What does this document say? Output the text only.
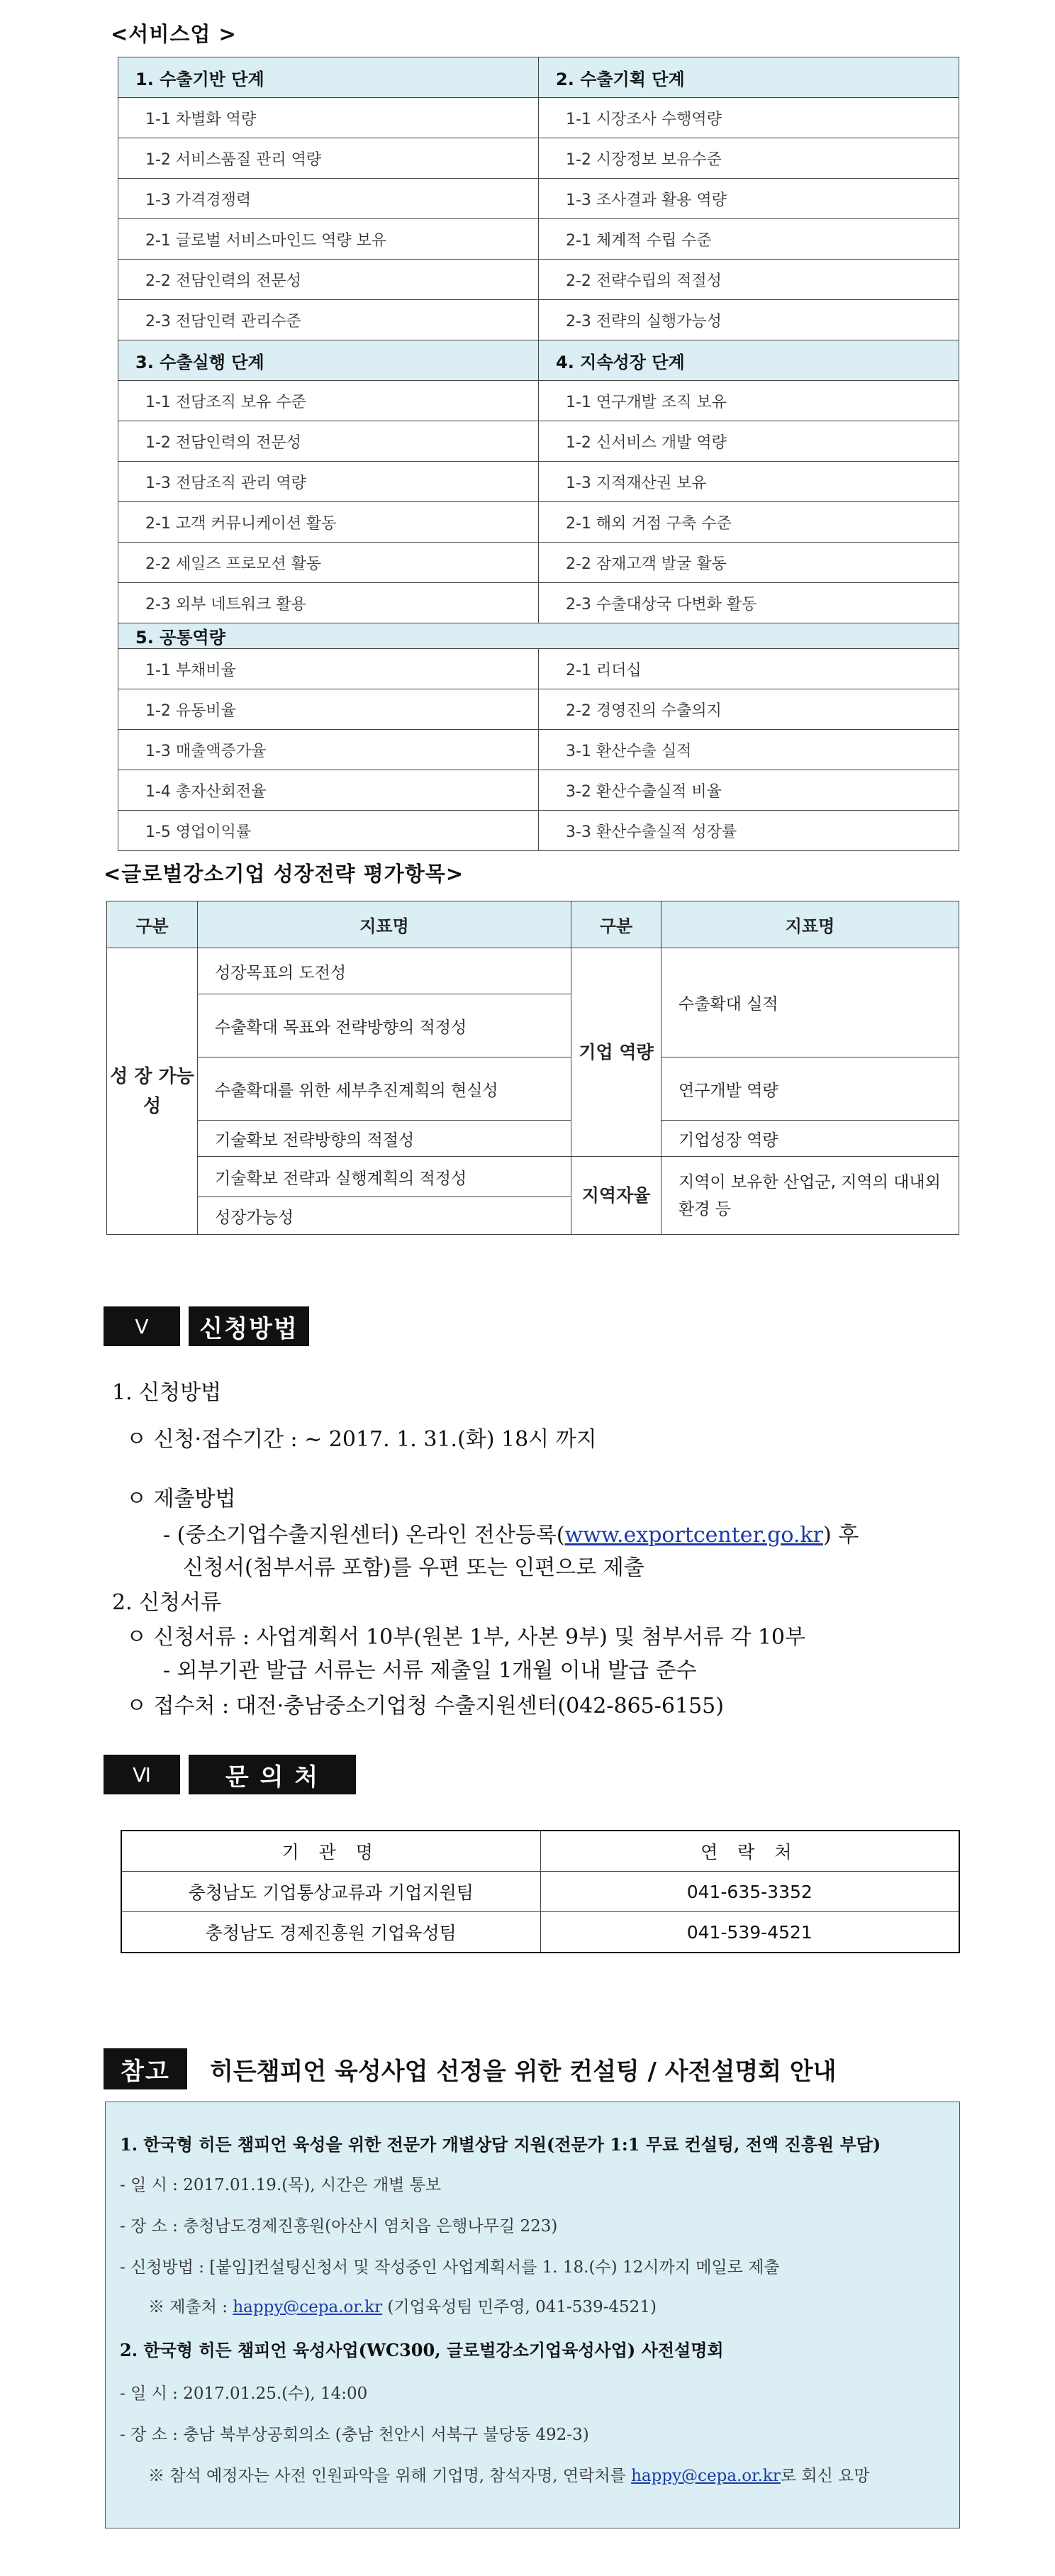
<서비스업 >
1. 수출기반 단계	2. 수출기획 단계
1-1 차별화 역량	1-1 시장조사 수행역량
1-2 서비스품질 관리 역량	1-2 시장정보 보유수준
1-3 가격경쟁력	1-3 조사결과 활용 역량
2-1 글로벌 서비스마인드 역량 보유	2-1 체계적 수립 수준
2-2 전담인력의 전문성	2-2 전략수립의 적절성
2-3 전담인력 관리수준	2-3 전략의 실행가능성
3. 수출실행 단계	4. 지속성장 단계
1-1 전담조직 보유 수준	1-1 연구개발 조직 보유
1-2 전담인력의 전문성	1-2 신서비스 개발 역량
1-3 전담조직 관리 역량	1-3 지적재산권 보유
2-1 고객 커뮤니케이션 활동	2-1 해외 거점 구축 수준
2-2 세일즈 프로모션 활동	2-2 잠재고객 발굴 활동
2-3 외부 네트워크 활용	2-3 수출대상국 다변화 활동
5. 공통역량	
1-1 부채비율	2-1 리더십
1-2 유동비율	2-2 경영진의 수출의지
1-3 매출액증가율	3-1 환산수출 실적
1-4 총자산회전율	3-2 환산수출실적 비율
1-5 영업이익률	3-3 환산수출실적 성장률
<글로벌강소기업 성장전략 평가항목>
구분	지표명	구분	지표명
성 장 가능성	성장목표의 도전성	기업 역량	수출확대 실적
	수출확대 목표와 전략방향의 적정성		
	수출확대를 위한 세부추진계획의 현실성		연구개발 역량
	기술확보 전략방향의 적절성		기업성장 역량
	기술확보 전략과 실행계획의 적정성	지역자율	지역이 보유한 산업군, 지역의 대내외 환경 등
	성장가능성		
Ⅴ	신청방법
1. 신청방법
ㅇ 신청·접수기간 : ~ 2017. 1. 31.(화) 18시 까지
ㅇ 제출방법
- (중소기업수출지원센터) 온라인 전산등록(www.exportcenter.go.kr) 후
신청서(첨부서류 포함)를 우편 또는 인편으로 제출
2. 신청서류
ㅇ 신청서류 : 사업계획서 10부(원본 1부, 사본 9부) 및 첨부서류 각 10부
- 외부기관 발급 서류는 서류 제출일 1개월 이내 발급 준수
ㅇ 접수처 : 대전·충남중소기업청 수출지원센터(042-865-6155)
Ⅵ	문 의 처
기 관 명	연 락 처
충청남도 기업통상교류과 기업지원팀	041-635-3352
충청남도 경제진흥원 기업육성팀	041-539-4521
참고	히든챔피언 육성사업 선정을 위한 컨설팅 / 사전설명회 안내
1. 한국형 히든 챔피언 육성을 위한 전문가 개별상담 지원(전문가 1:1 무료 컨설팅, 전액 진흥원 부담)
- 일 시 : 2017.01.19.(목), 시간은 개별 통보
- 장 소 : 충청남도경제진흥원(아산시 염치읍 은행나무길 223)
- 신청방법 : [붙임]컨설팅신청서 및 작성중인 사업계획서를 1. 18.(수) 12시까지 메일로 제출
※ 제출처 : happy@cepa.or.kr (기업육성팀 민주영, 041-539-4521)
2. 한국형 히든 챔피언 육성사업(WC300, 글로벌강소기업육성사업) 사전설명회
- 일 시 : 2017.01.25.(수), 14:00
- 장 소 : 충남 북부상공회의소 (충남 천안시 서북구 불당동 492-3)
※ 참석 예정자는 사전 인원파악을 위해 기업명, 참석자명, 연락처를 happy@cepa.or.kr로 회신 요망
